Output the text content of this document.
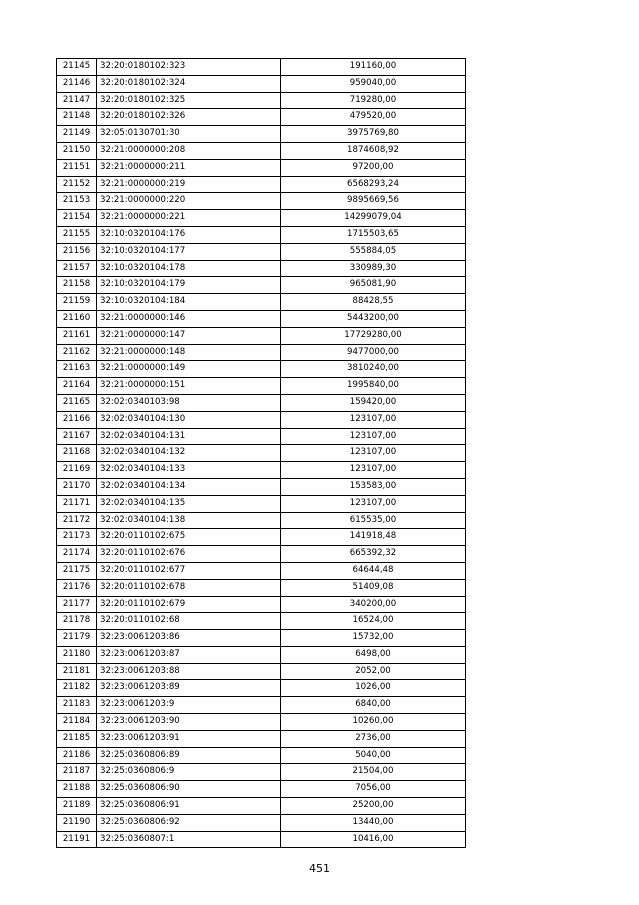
21145	32:20:0180102:323	191160,00
21146	32:20:0180102:324	959040,00
21147	32:20:0180102:325	719280,00
21148	32:20:0180102:326	479520,00
21149	32:05:0130701:30	3975769,80
21150	32:21:0000000:208	1874608,92
21151	32:21:0000000:211	97200,00
21152	32:21:0000000:219	6568293,24
21153	32:21:0000000:220	9895669,56
21154	32:21:0000000:221	14299079,04
21155	32:10:0320104:176	1715503,65
21156	32:10:0320104:177	555884,05
21157	32:10:0320104:178	330989,30
21158	32:10:0320104:179	965081,90
21159	32:10:0320104:184	88428,55
21160	32:21:0000000:146	5443200,00
21161	32:21:0000000:147	17729280,00
21162	32:21:0000000:148	9477000,00
21163	32:21:0000000:149	3810240,00
21164	32:21:0000000:151	1995840,00
21165	32:02:0340103:98	159420,00
21166	32:02:0340104:130	123107,00
21167	32:02:0340104:131	123107,00
21168	32:02:0340104:132	123107,00
21169	32:02:0340104:133	123107,00
21170	32:02:0340104:134	153583,00
21171	32:02:0340104:135	123107,00
21172	32:02:0340104:138	615535,00
21173	32:20:0110102:675	141918,48
21174	32:20:0110102:676	665392,32
21175	32:20:0110102:677	64644,48
21176	32:20:0110102:678	51409,08
21177	32:20:0110102:679	340200,00
21178	32:20:0110102:68	16524,00
21179	32:23:0061203:86	15732,00
21180	32:23:0061203:87	6498,00
21181	32:23:0061203:88	2052,00
21182	32:23:0061203:89	1026,00
21183	32:23:0061203:9	6840,00
21184	32:23:0061203:90	10260,00
21185	32:23:0061203:91	2736,00
21186	32:25:0360806:89	5040,00
21187	32:25:0360806:9	21504,00
21188	32:25:0360806:90	7056,00
21189	32:25:0360806:91	25200,00
21190	32:25:0360806:92	13440,00
21191	32:25:0360807:1	10416,00
451
